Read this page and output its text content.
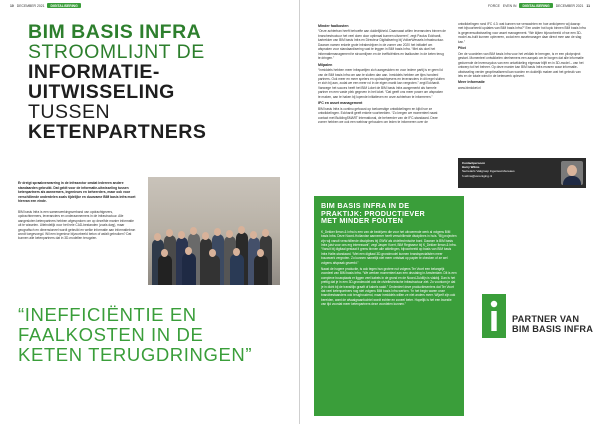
10 DECEMBER 2021	DIGITALISERING
BIM BASIS INFRA
STROOMLIJNT DE
INFORMATIE-
UITWISSELING
TUSSEN
KETENPARTNERS
Er dreigt spraakverwarring in de infrasector omdat iedereen andere standaarden gebruikt. Dat geldt voor de informatie-uitwisseling tussen ketenpartners als aannemers, ingenieurs en beheerders, maar ook voor verschillende onderdelen zoals tijdelijke en duurzame BIM basis infra moet hiervan een einde.

BIM basis Infra is een samenwerkingsverband van opdrachtgevers, opdrachtnemers, leveranciers en onderaannemers in de infrastructuur. Alle aangesloten ketenpartners hebben afgesproken om op dezelfde manier informatie uit te wisselen. Uiteindelijk voor het hele CAD-bestanden (zoals dwg), maar geografisch en dimensioneel wordt gebruikt en welke informatie aan informatiebron wordt toegevoegd. Wil een ingenieur bijvoorbeeld beton of asfalt gebruiken? Dat kunnen alle ketenpartners dat in 3D-modellen terugzien.

“INEFFICIËNTIE EN
FAALKOSTEN IN DE
KETEN TERUGDRINGEN”
FORCE EVEN IN	DIGITALISERING	DECEMBER 2021 11
Minder faalkosten

“Onze achterban heeft behoefte aan duidelijkheid. Daarnaast willen leveranciers binnen de branchestructuur het veel doen door optimaal kunnen uitvoeren”, zegt Paulus Eckhardt, kartrekker van BIM basis Infra en Directeur Digitalisering bij VolkerWessels Infrastructuur. Daarom namen enkele grote infrabedrijven in de zomer van 2020 het initiatief om afspraken voor standaardisering vast te leggen in BIM basis Infra. “Met als doel het informatiemanagement te stroomlijnen en de inefficiënties en faalkosten in de keten terug te dringen.”

Milpalen

“Inmiddels hebben meer infrapartijen zich aangesloten en voor iedere partij is er geen lid van de BIM basis Infra om aan te sluiten dan aan. Inmiddels hebben we tijns honderd partners. Ook meer en meer spelers en opdrachtgevers en leveranciers in dit regel sluiten er zich bij aan, zodat we een meer rol in de eigen markt kan vergroten.” zegt Eckhardt. Vanwege het succes heeft het BIM Loket de BIM basis Infra aangemerkt als formele partner en een vaste plek gegeven in het loket. “Dat geeft ons meer power om afspraken te maken, aan te haken bij lopende initiatieven en onze achterban te informeren.”

IFC en asset management

BIM basis Infra is continu gefocust op toekomstige ontwikkelingen en kijkt hoe ze ontwikkelingen. Eckhardt geeft enkele voorbeelden. “Zo kregen we momenteel naast contact met BuildingSMART International, de beheerder van de IFC-standaard. Deze zomer hebben we ook een webinar gehouden om leden te informeren over de

ontwikkelingen rond IFC 4.3: wat kunnen we verwachten en hoe anticiperen wij daarop met bijvoorbeeld updates van BIM basis Infra?” Een ander hot topic binnen BIM basis Infra is gegevensuitwisseling voor asset management. “We kijken bijvoorbeeld of we een 3D-model as-built kunnen opleveren, zodat een assetmanager daar direct mee aan de slag kan.”

Pilot

Om de voordelen van BIM basis Infra voor het veldlab te brengen, is er een pilotproject gestart. Momenteel ontwikkelen deelnemers een aanpak om te borgen dat alle informatie gedurende de levenscyclus van een ontwikkeling eigenaar blijft en in 3D-model – van het ontwerp tot het beheer. Op deze manier kan BIM basis Infra ervaren waar informatie-uitwisseling verder geoptimaliseerd kan worden en duidelijk maken wat het gebruik van iets en de totale winst in de ketenwerk oplevert.

Meer informatie

www.bimloket.nl

Contactpersoon
Harry Wilms
Secretaris Vakgroep Ingenieursbureaus
h.wilms@vereniging.nl
BIM BASIS INFRA IN DE
PRAKTIJK: PRODUCTIEVER
MET MINDER FOUTEN

K_Dekker Ileran & Infra is een van de bedrijven die voor het uitvoerende werk al volgens BIM basis Infra. Deze Noord-Hollandse aannemer heeft verschillende disciplines in huis. “Bij projecten zijn wij vanuit verschillende disciplines bij GWW als civieltechnische bord. Daarom is BIM basis Infra juist voor ons erg interessant”, zegt Jasper Koert, BIM Regisseur bij K_Dekker Ileran & Infra. “Vanuit bij digitaal gestaat it grens binnen alle afdelingen, bijvoorbeeld op basis van BIM basis Infra Halte-standaard. “Met een digitaal 3D-grondmodel kunnen brandspecialisten meer bouwwerk vergroten. Zo kunnen namelijk niet meer ontstaat op papier te checken of ze wel volgens afspraak gewerkt.”

Naast de hogere productie, is ook tegen hun grotere nut volgens Ter Voort een belangrijk voordeel van BIM basis Infra. “We werken momenteel aan een drustaing in Amsterdam. Dit is een complexe bouwplaats er liggen veel kabels in de grond en de Noord-Zuidlijn is vlakbij. Dan is het prettig dat je in een 3D-grondmodel ook de civieltechnische infrastructuur ziet. Zo voorkom je dat je in dicht bij de transitlijn graaft of kabels raakt.” Onderdeel deze productiesenters dat Ter Voort dat veel ketenpartners nog niet volgens BIM basis Infra werken. “In het begin waren onze brandbestaanders ook terughoudend, maar inmiddels willen ze niet anders meer. Wijzelf zijn ook bereiden, want de afvaalgraanfuchtel wordt echter en zoveel beter. Hopelijk is het een kwestie van tijd voordat meer ketenpartners deze voordelen kunnen.”

PARTNER VAN
BIM BASIS INFRA
